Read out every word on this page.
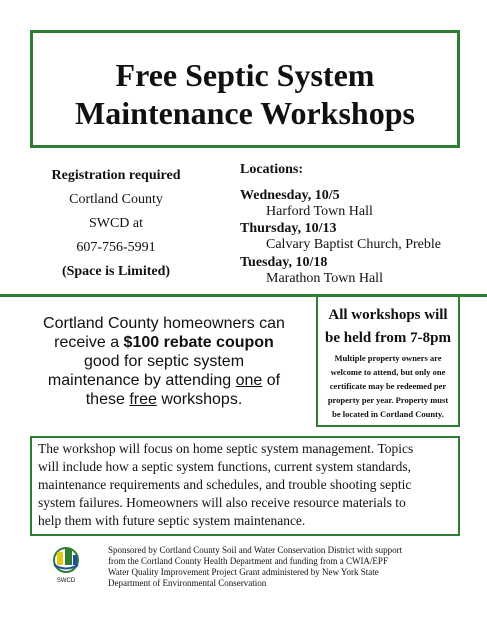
Free Septic System
Maintenance Workshops
Registration required
Cortland County
SWCD at
607-756-5991
(Space is Limited)
Locations:
Wednesday, 10/5
Harford Town Hall
Thursday, 10/13
Calvary Baptist Church, Preble
Tuesday, 10/18
Marathon Town Hall
Cortland County homeowners can
receive a $100 rebate coupon
good for septic system
maintenance by attending one of
these free workshops.
All workshops will
be held from 7-8pm
Multiple property owners are
welcome to attend, but only one
certificate may be redeemed per
property per year. Property must
be located in Cortland County.
The workshop will focus on home septic system management. Topics
will include how a septic system functions, current system standards,
maintenance requirements and schedules, and trouble shooting septic
system failures. Homeowners will also receive resource materials to
help them with future septic system maintenance.
SWCD
Sponsored by Cortland County Soil and Water Conservation District with support
from the Cortland County Health Department and funding from a CWIA/EPF
Water Quality Improvement Project Grant administered by New York State
Department of Environmental Conservation
